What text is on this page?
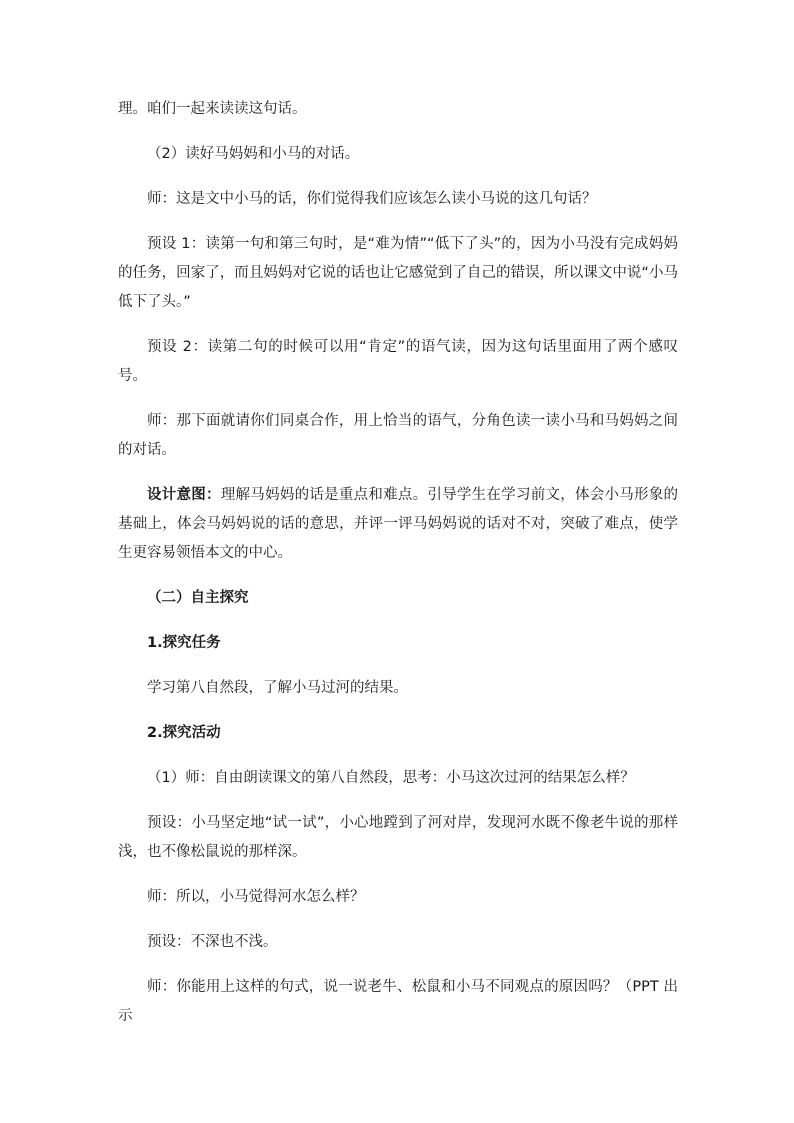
理。咱们一起来读读这句话。

（2）读好马妈妈和小马的对话。

师：这是文中小马的话，你们觉得我们应该怎么读小马说的这几句话？

预设 1：读第一句和第三句时，是“难为情”“低下了头”的，因为小马没有完成妈妈的任务，回家了，而且妈妈对它说的话也让它感觉到了自己的错误，所以课文中说“小马低下了头。”

预设 2：读第二句的时候可以用“肯定”的语气读，因为这句话里面用了两个感叹号。

师：那下面就请你们同桌合作，用上恰当的语气，分角色读一读小马和马妈妈之间的对话。

设计意图：理解马妈妈的话是重点和难点。引导学生在学习前文，体会小马形象的基础上，体会马妈妈说的话的意思，并评一评马妈妈说的话对不对，突破了难点，使学生更容易领悟本文的中心。

（二）自主探究

1.探究任务

学习第八自然段，了解小马过河的结果。

2.探究活动

（1）师：自由朗读课文的第八自然段，思考：小马这次过河的结果怎么样？

预设：小马坚定地“试一试”，小心地蹚到了河对岸，发现河水既不像老牛说的那样浅，也不像松鼠说的那样深。

师：所以，小马觉得河水怎么样？

预设：不深也不浅。

师：你能用上这样的句式，说一说老牛、松鼠和小马不同观点的原因吗？（PPT 出示
